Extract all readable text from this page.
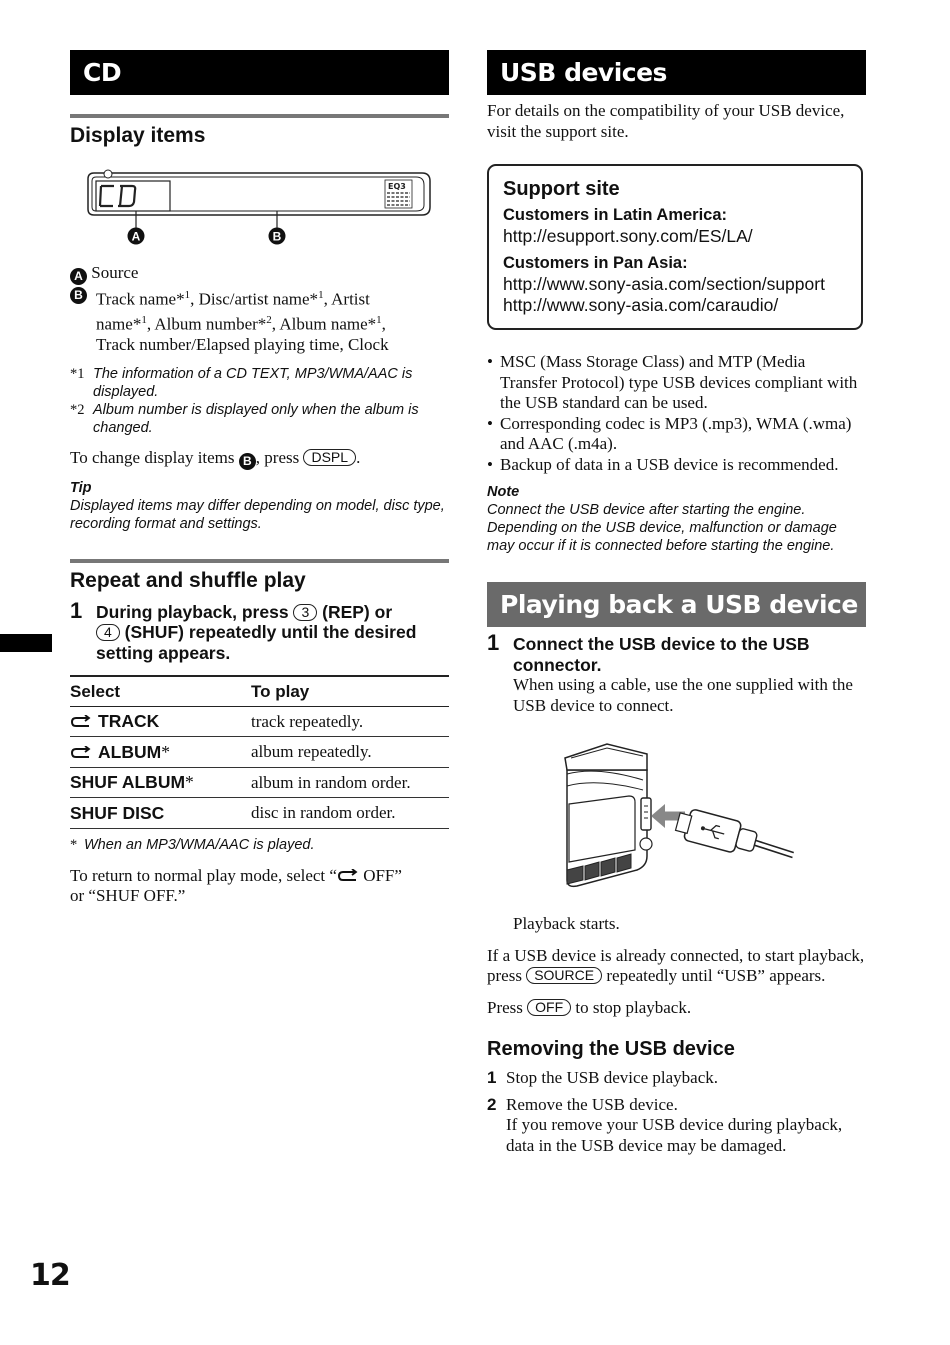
CD
Display items
EQ3
A	B
A Source
B Track name*$^1$, Disc/artist name*$^1$, Artist
name*$^1$, Album number*$^2$, Album name*$^1$,
Track number/Elapsed playing time, Clock
*1 The information of a CD TEXT, MP3/WMA/AAC is displayed.
*2 Album number is displayed only when the album is changed.
To change display items B , press DSPL .
Tip
Displayed items may differ depending on model, disc type, recording format and settings.
Repeat and shuffle play
1 During playback, press 3 (REP) or
4 (SHUF) repeatedly until the desired setting appears.
Select	To play
TRACK	track repeatedly.
ALBUM*	album repeatedly.
SHUF ALBUM*	album in random order.
SHUF DISC	disc in random order.
* When an MP3/WMA/AAC is played.
To return to normal play mode, select “ OFF”
or “SHUF OFF.”
USB devices
For details on the compatibility of your USB device, visit the support site.
Support site
Customers in Latin America:
http://esupport.sony.com/ES/LA/
Customers in Pan Asia:
http://www.sony-asia.com/section/support
http://www.sony-asia.com/caraudio/
• MSC (Mass Storage Class) and MTP (Media Transfer Protocol) type USB devices compliant with the USB standard can be used.
• Corresponding codec is MP3 (.mp3), WMA (.wma) and AAC (.m4a).
• Backup of data in a USB device is recommended.
Note
Connect the USB device after starting the engine. Depending on the USB device, malfunction or damage may occur if it is connected before starting the engine.
Playing back a USB device
1 Connect the USB device to the USB connector.
When using a cable, use the one supplied with the USB device to connect.
Playback starts.
If a USB device is already connected, to start playback, press SOURCE repeatedly until “USB” appears.
Press OFF to stop playback.
Removing the USB device
1 Stop the USB device playback.
2 Remove the USB device.
If you remove your USB device during playback, data in the USB device may be damaged.
12
